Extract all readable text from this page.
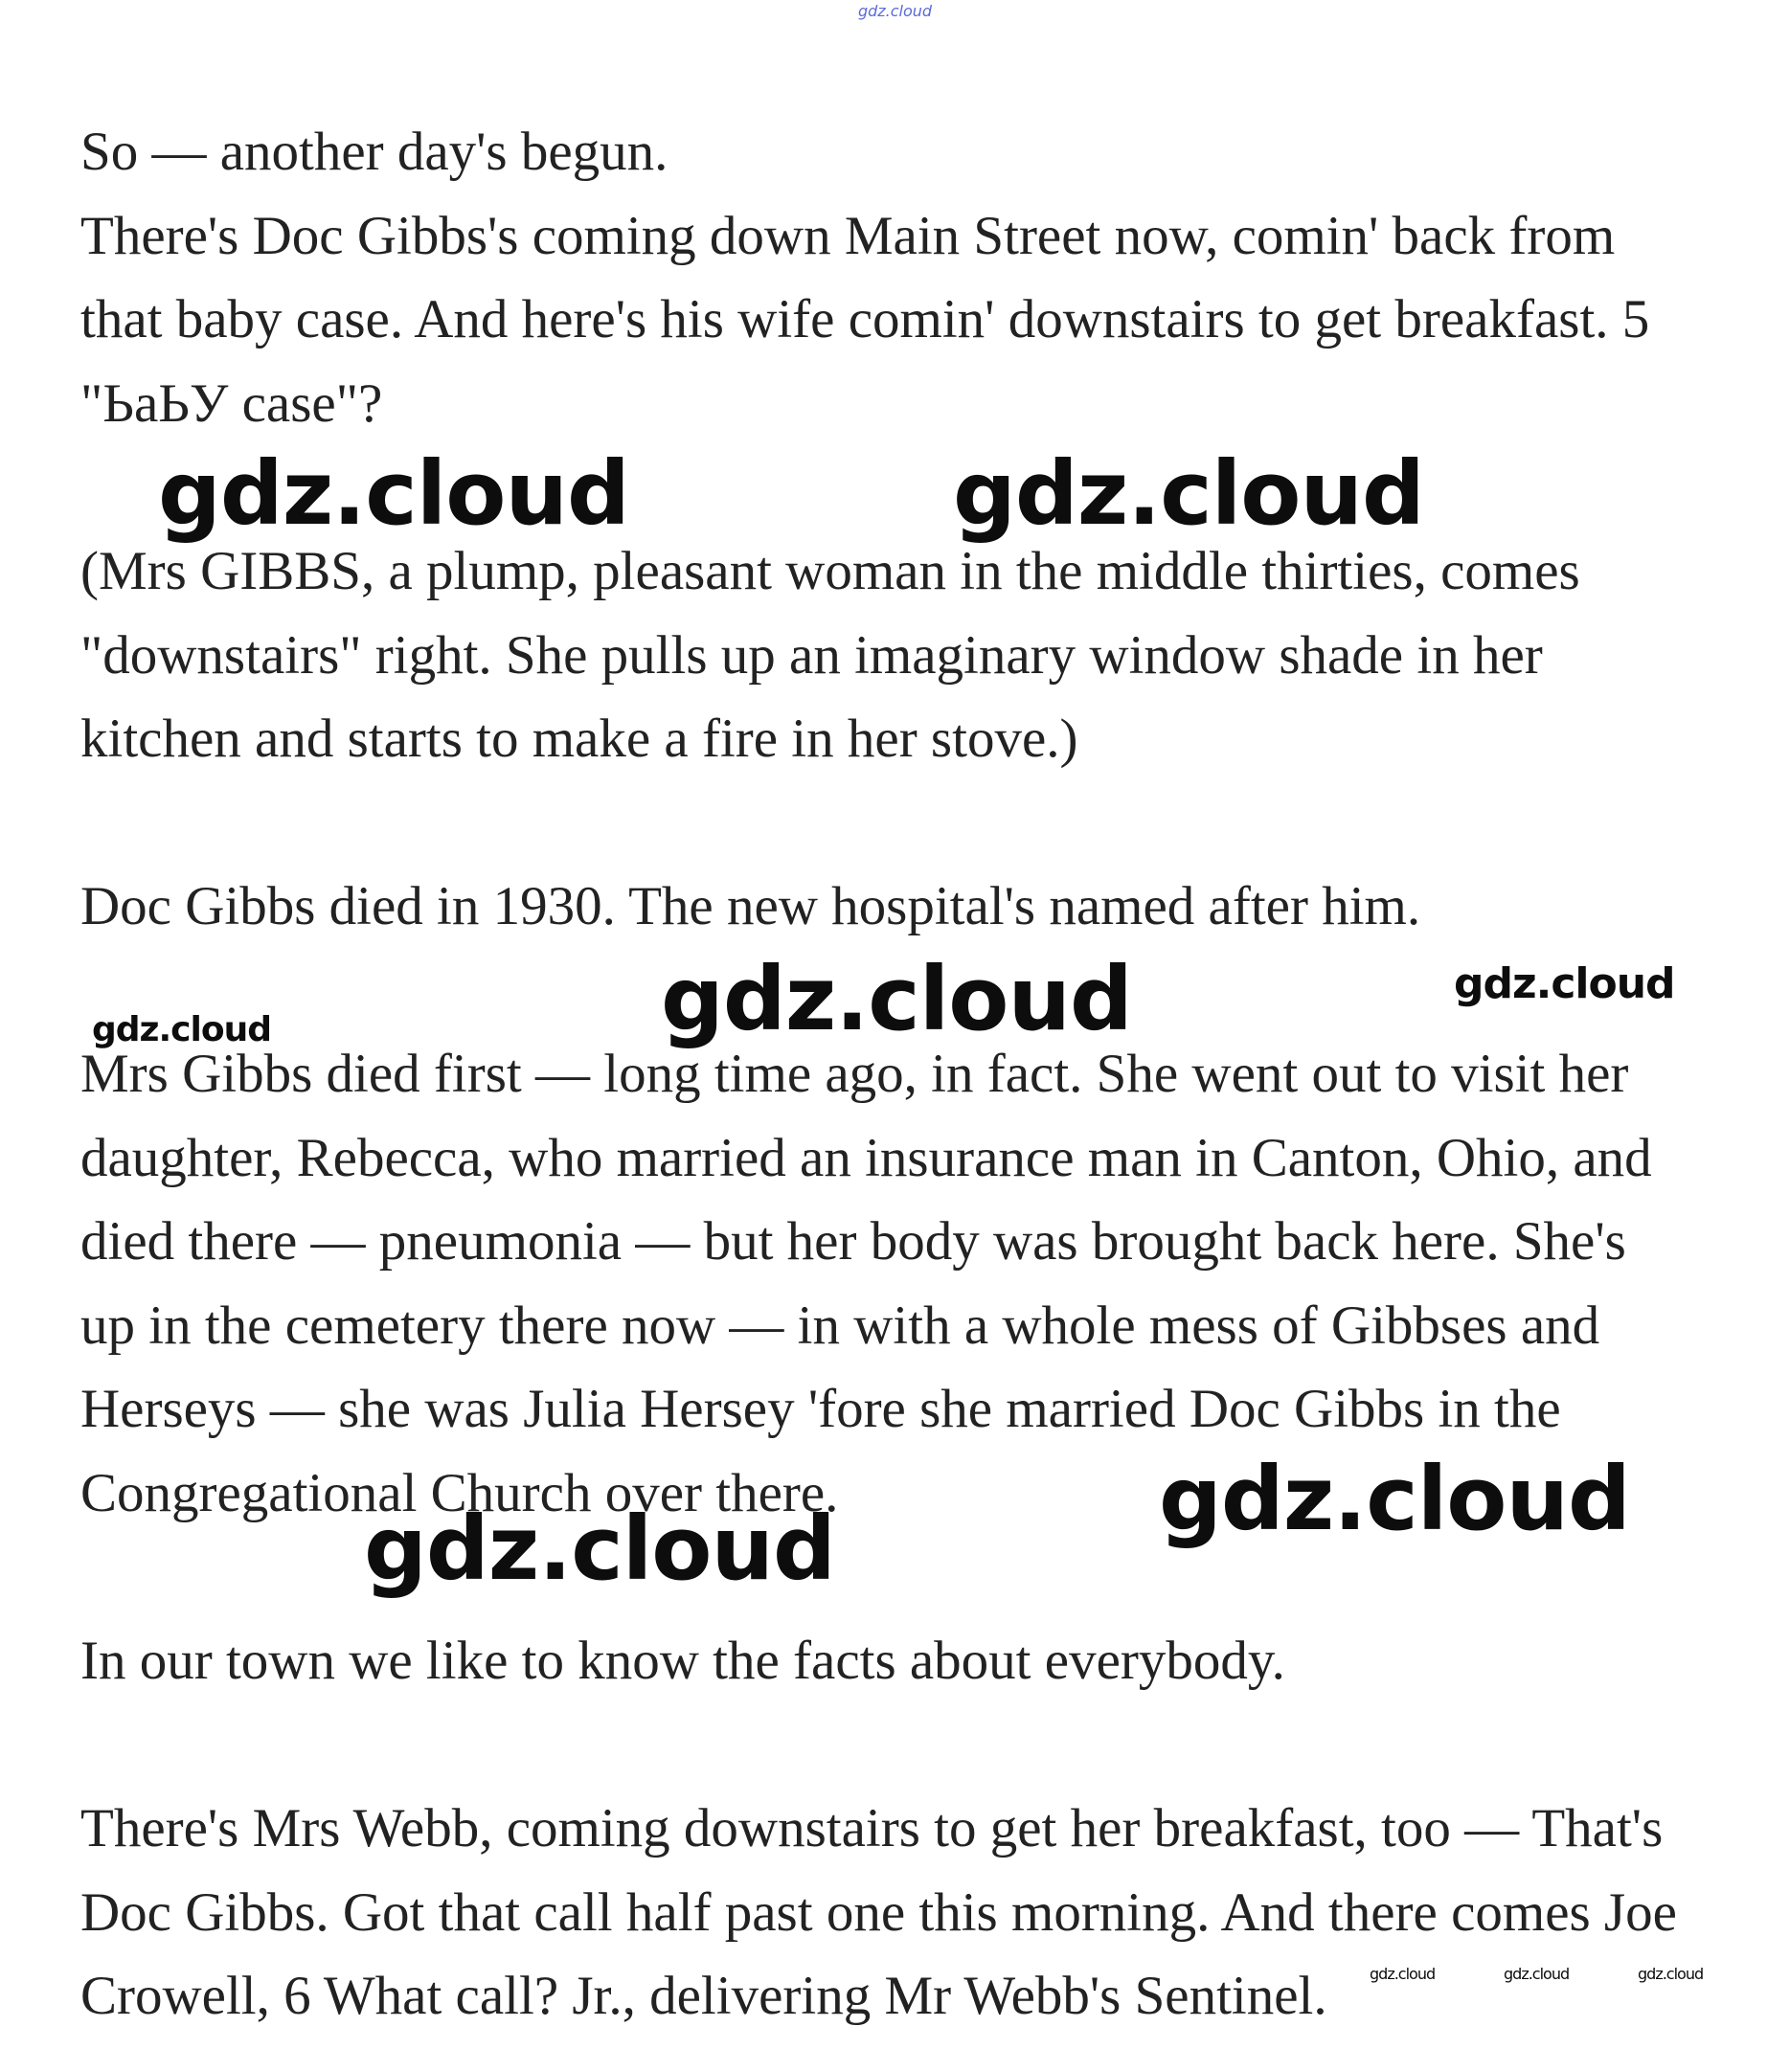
gdz.cloud

So — another day's begun.
There's Doc Gibbs's coming down Main Street now, comin' back from
that baby case. And here's his wife comin' downstairs to get breakfast. 5
"ЬаЬУ case"?

(Mrs GIBBS, a plump, pleasant woman in the middle thirties, comes
"downstairs" right. She pulls up an imaginary window shade in her
kitchen and starts to make a fire in her stove.)

Doc Gibbs died in 1930. The new hospital's named after him.

Mrs Gibbs died first — long time ago, in fact. She went out to visit her
daughter, Rebecca, who married an insurance man in Canton, Ohio, and
died there — pneumonia — but her body was brought back here. She's
up in the cemetery there now — in with a whole mess of Gibbses and
Herseys — she was Julia Hersey 'fore she married Doc Gibbs in the
Congregational Church over there.

In our town we like to know the facts about everybody.

There's Mrs Webb, coming downstairs to get her breakfast, too — That's
Doc Gibbs. Got that call half past one this morning. And there comes Joe
Crowell, 6 What call? Jr., delivering Mr Webb's Sentinel.

gdz.cloud	gdz.cloud
gdz.cloud	gdz.cloud
gdz.cloud
gdz.cloud
gdz.cloud
gdz.cloud	gdz.cloud	gdz.cloud
